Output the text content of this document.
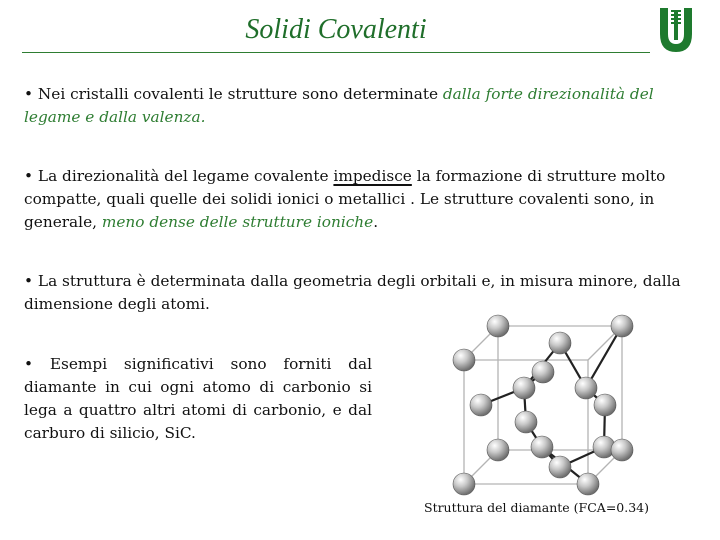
Solidi Covalenti
• Nei cristalli covalenti le strutture sono determinate dalla forte direzionalità del legame e dalla valenza.
• La direzionalità del legame covalente impedisce la formazione di strutture molto compatte, quali quelle dei solidi ionici o metallici . Le strutture covalenti sono, in generale, meno dense delle strutture ioniche.
• La struttura è determinata dalla geometria degli orbitali e, in misura minore, dalla dimensione degli atomi.
• Esempi significativi sono forniti dal diamante in cui ogni atomo di carbonio si lega a quattro altri atomi di carbonio, e dal carburo di silicio, SiC.
Struttura del diamante (FCA=0.34)
